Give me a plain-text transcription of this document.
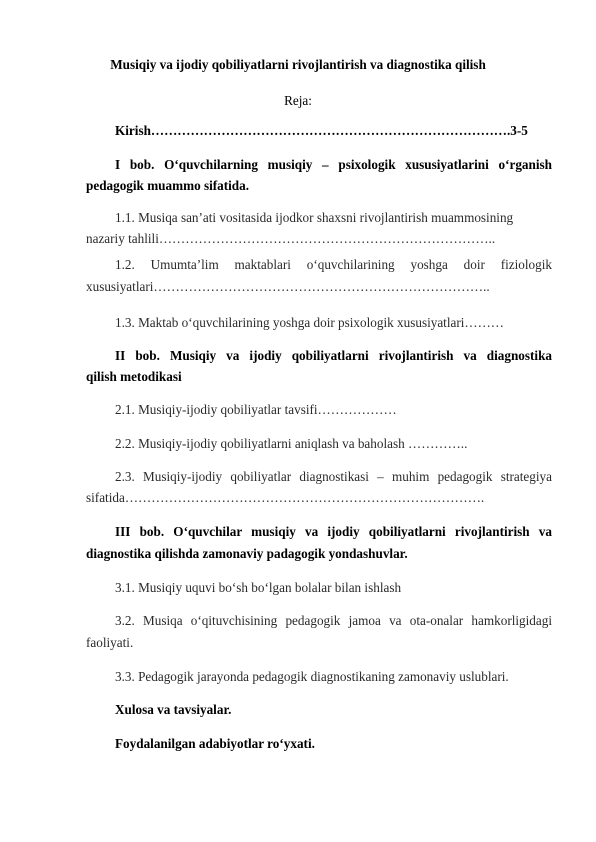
Musiqiy va ijodiy qobiliyatlarni rivojlantirish va diagnostika qilish
Reja:
Kirish……………………………………………………………………….3-5
I bob. O‘quvchilarning musiqiy – psixologik xususiyatlarini o‘rganish
pedagogik muammo sifatida.
1.1. Musiqa san’ati vositasida ijodkor shaxsni rivojlantirish muammosining
nazariy tahlili…………………………………………………………………..
1.2. Umumta’lim maktablari o‘quvchilarining yoshga doir fiziologik
xususiyatlari…………………………………………………………………..
1.3. Maktab o‘quvchilarining yoshga doir psixologik xususiyatlari………
II bob. Musiqiy va ijodiy qobiliyatlarni rivojlantirish va diagnostika
qilish metodikasi
2.1. Musiqiy-ijodiy qobiliyatlar tavsifi………………
2.2. Musiqiy-ijodiy qobiliyatlarni aniqlash va baholash …………..
2.3. Musiqiy-ijodiy qobiliyatlar diagnostikasi – muhim pedagogik strategiya
sifatida……………………………………………………………………….
III bob. O‘quvchilar musiqiy va ijodiy qobiliyatlarni rivojlantirish va
diagnostika qilishda zamonaviy padagogik yondashuvlar.
3.1. Musiqiy uquvi bo‘sh bo‘lgan bolalar bilan ishlash
3.2. Musiqa o‘qituvchisining pedagogik jamoa va ota-onalar hamkorligidagi
faoliyati.
3.3. Pedagogik jarayonda pedagogik diagnostikaning zamonaviy uslublari.
Xulosa va tavsiyalar.
Foydalanilgan adabiyotlar ro‘yxati.
